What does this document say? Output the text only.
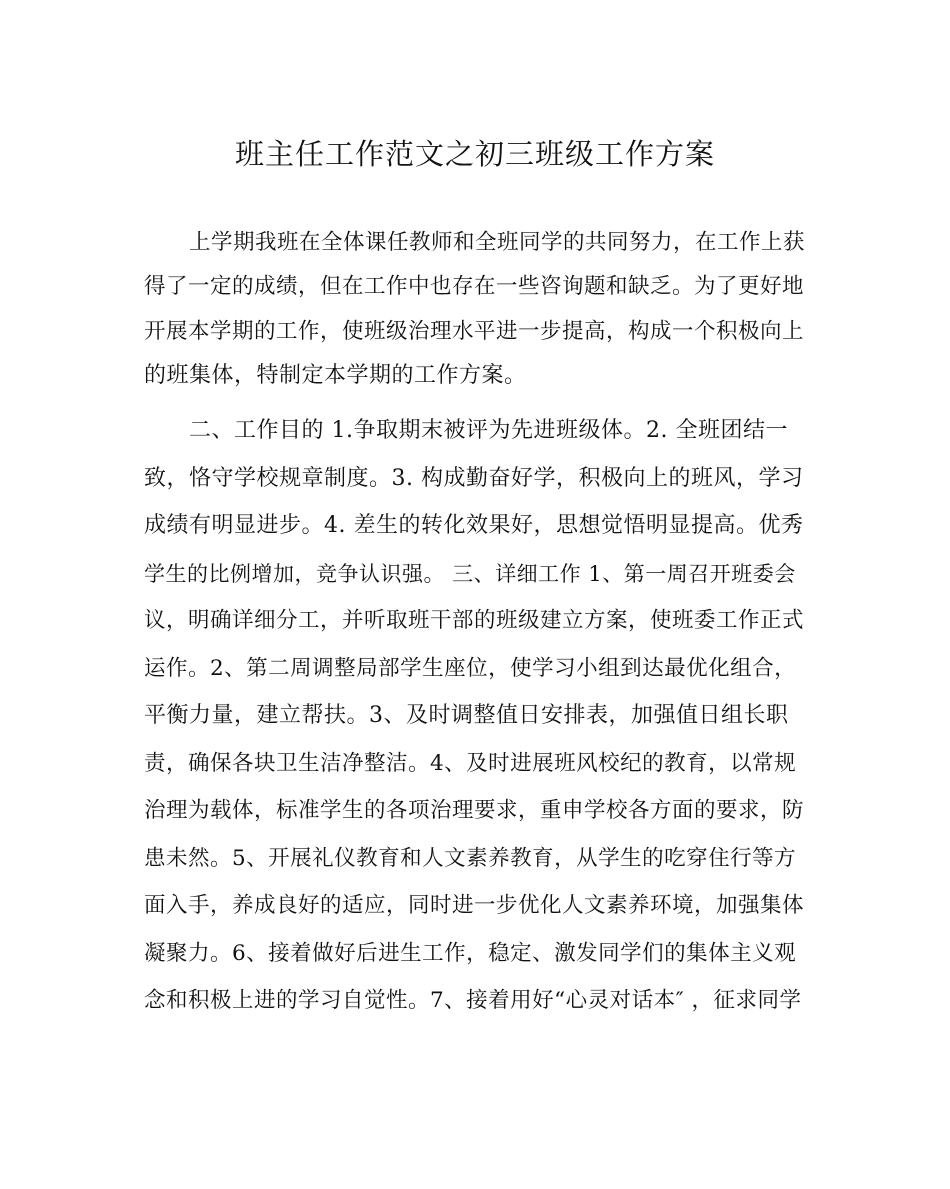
班主任工作范文之初三班级工作方案
上学期我班在全体课任教师和全班同学的共同努力，在工作上获
得了一定的成绩，但在工作中也存在一些咨询题和缺乏。为了更好地
开展本学期的工作，使班级治理水平进一步提高，构成一个积极向上
的班集体，特制定本学期的工作方案。
二、工作目的 1.争取期末被评为先进班级体。2. 全班团结一
致，恪守学校规章制度。3. 构成勤奋好学，积极向上的班风，学习
成绩有明显进步。4. 差生的转化效果好，思想觉悟明显提高。优秀
学生的比例增加，竞争认识强。 三、详细工作 1、第一周召开班委会
议，明确详细分工，并听取班干部的班级建立方案，使班委工作正式
运作。2、第二周调整局部学生座位，使学习小组到达最优化组合，
平衡力量，建立帮扶。3、及时调整值日安排表，加强值日组长职
责，确保各块卫生洁净整洁。4、及时进展班风校纪的教育，以常规
治理为载体，标准学生的各项治理要求，重申学校各方面的要求，防
患未然。5、开展礼仪教育和人文素养教育，从学生的吃穿住行等方
面入手，养成良好的适应，同时进一步优化人文素养环境，加强集体
凝聚力。6、接着做好后进生工作，稳定、激发同学们的集体主义观
念和积极上进的学习自觉性。7、接着用好“心灵对话本″ ，征求同学
